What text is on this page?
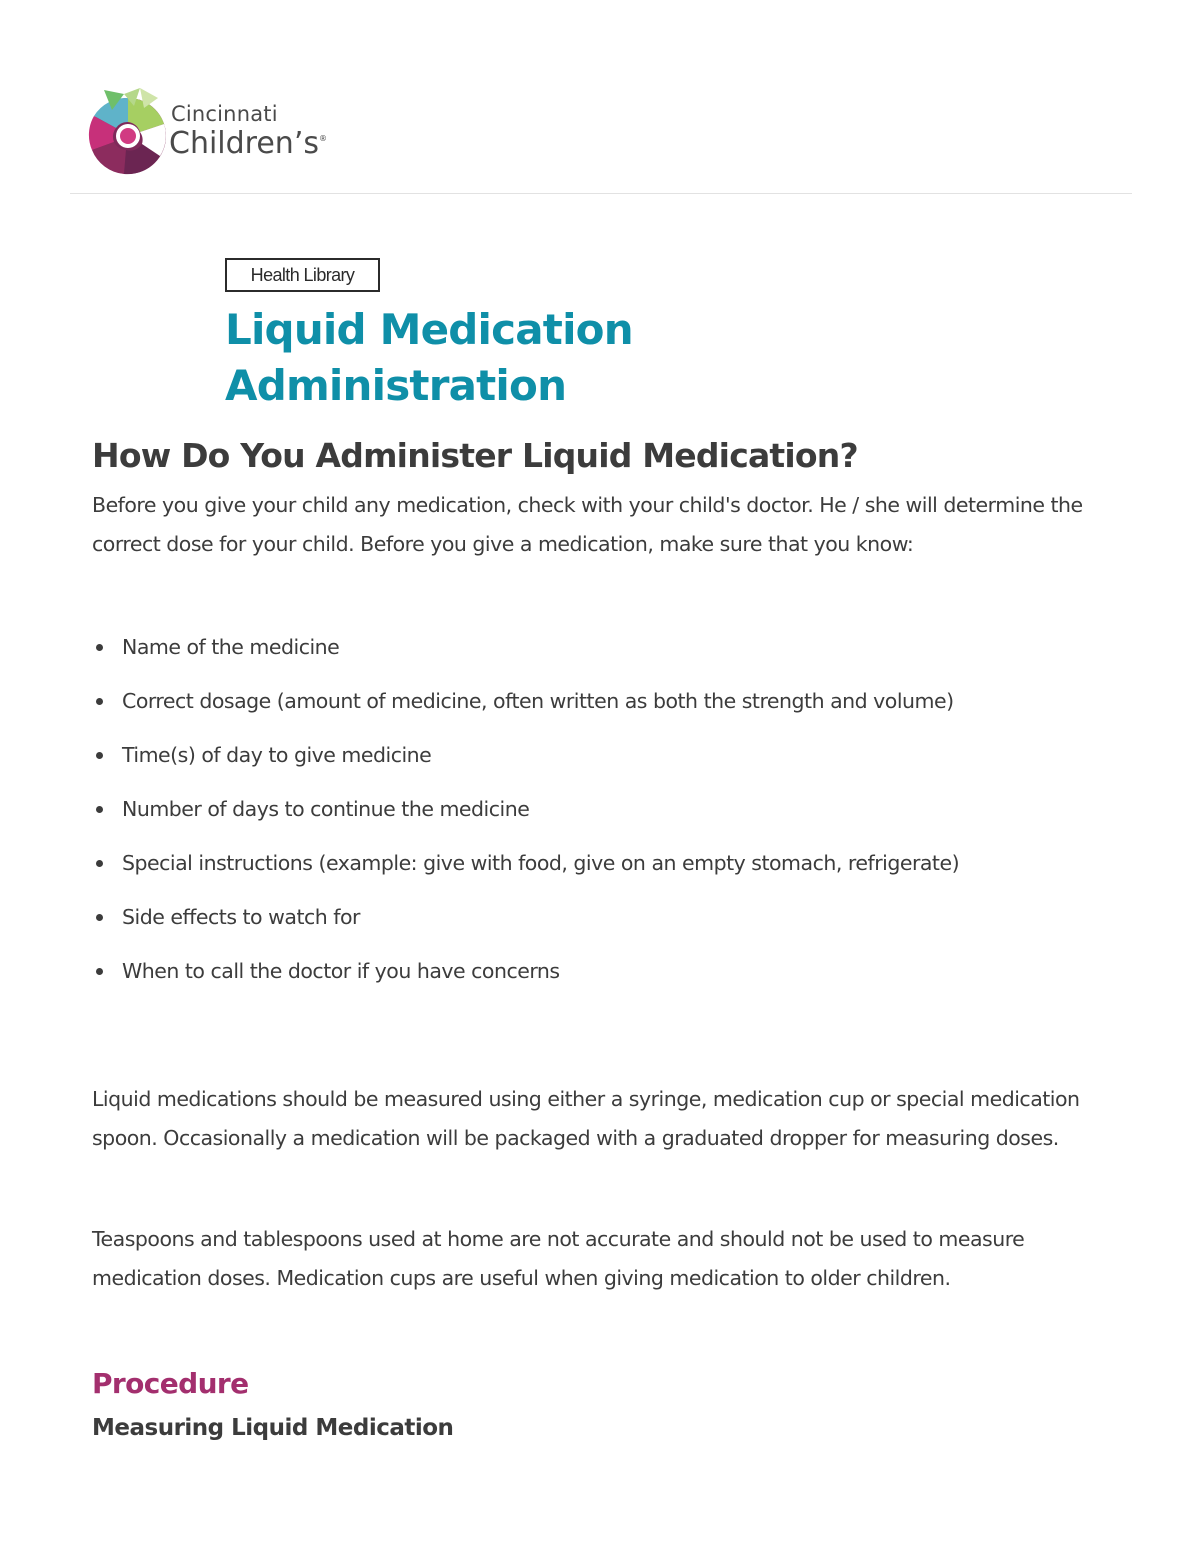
Cincinnati
Children’s®
Health Library
Liquid Medication
Administration
How Do You Administer Liquid Medication?

Before you give your child any medication, check with your child's doctor. He / she will determine the correct dose for your child. Before you give a medication, make sure that you know:

Name of the medicine
Correct dosage (amount of medicine, often written as both the strength and volume)
Time(s) of day to give medicine
Number of days to continue the medicine
Special instructions (example: give with food, give on an empty stomach, refrigerate)
Side effects to watch for
When to call the doctor if you have concerns

Liquid medications should be measured using either a syringe, medication cup or special medication spoon. Occasionally a medication will be packaged with a graduated dropper for measuring doses.

Teaspoons and tablespoons used at home are not accurate and should not be used to measure medication doses. Medication cups are useful when giving medication to older children.

Procedure
Measuring Liquid Medication
